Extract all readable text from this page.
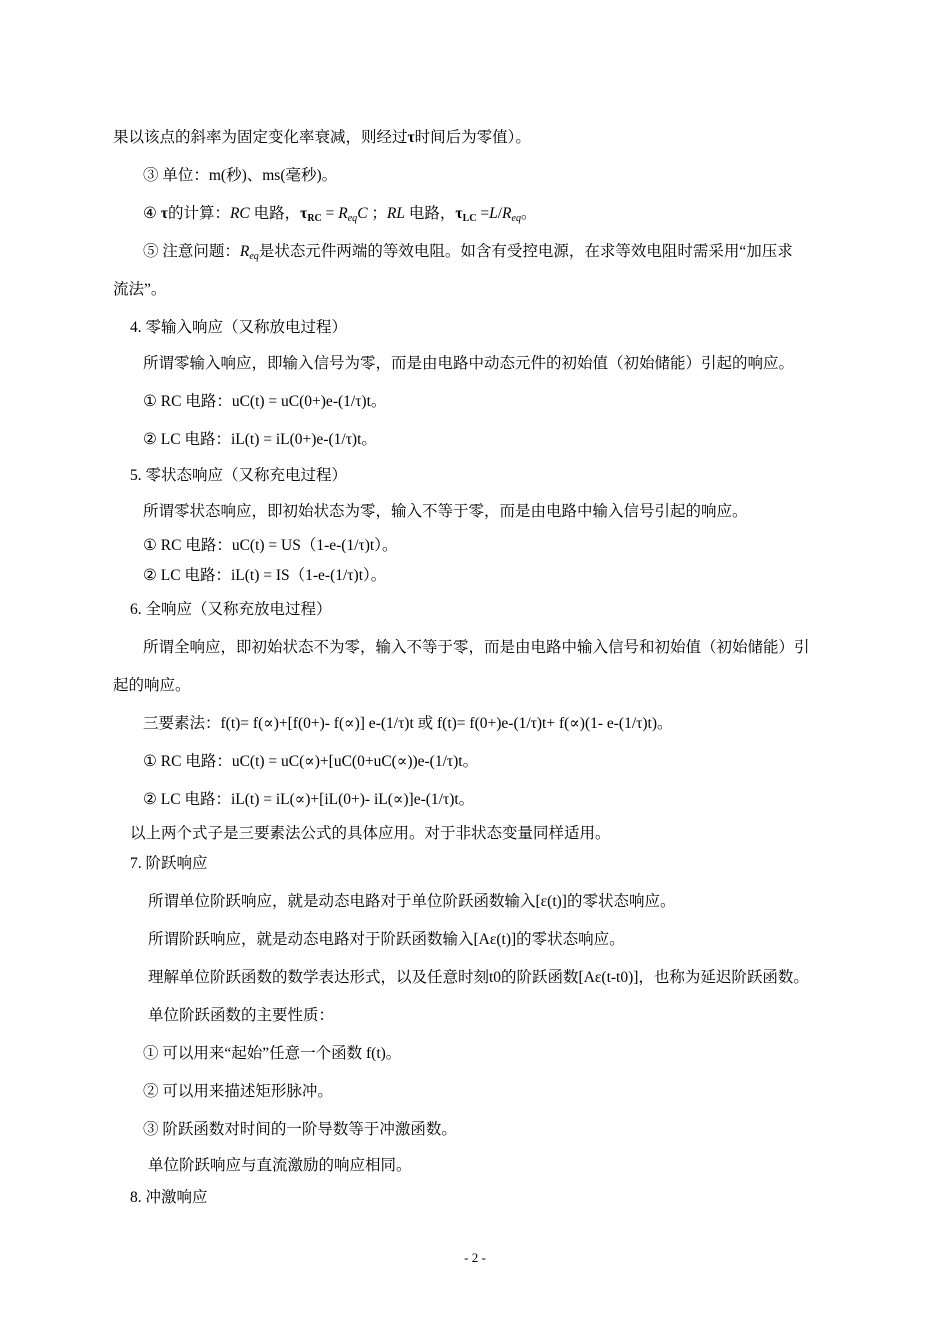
果以该点的斜率为固定变化率衰减，则经过τ时间后为零值）。
③ 单位：m(秒)、ms(毫秒)。
④ τ的计算：RC 电路，$\tau_{RC} = R_{eq}C$ ；RL 电路，$\tau_{LC} =L/R_{eq}$。
⑤ 注意问题：$R_{eq}$是状态元件两端的等效电阻。如含有受控电源，在求等效电阻时需采用“加压求
流法”。
4. 零输入响应（又称放电过程）
所谓零输入响应，即输入信号为零，而是由电路中动态元件的初始值（初始储能）引起的响应。
① RC 电路：uC(t) = uC(0+)e-(1/τ)t。
② LC 电路：iL(t) = iL(0+)e-(1/τ)t。
5. 零状态响应（又称充电过程）
所谓零状态响应，即初始状态为零，输入不等于零，而是由电路中输入信号引起的响应。
① RC 电路：uC(t) = US（1-e-(1/τ)t）。
② LC 电路：iL(t) = IS（1-e-(1/τ)t）。
6. 全响应（又称充放电过程）
所谓全响应，即初始状态不为零，输入不等于零，而是由电路中输入信号和初始值（初始储能）引
起的响应。
三要素法：f(t)= f(∝)+[f(0+)- f(∝)] e-(1/τ)t 或 f(t)= f(0+)e-(1/τ)t+ f(∝)(1- e-(1/τ)t)。
① RC 电路：uC(t) = uC(∝)+[uC(0+uC(∝))e-(1/τ)t。
② LC 电路：iL(t) = iL(∝)+[iL(0+)- iL(∝)]e-(1/τ)t。
以上两个式子是三要素法公式的具体应用。对于非状态变量同样适用。
7. 阶跃响应
所谓单位阶跃响应，就是动态电路对于单位阶跃函数输入[ε(t)]的零状态响应。
所谓阶跃响应，就是动态电路对于阶跃函数输入[Aε(t)]的零状态响应。
理解单位阶跃函数的数学表达形式，以及任意时刻t0的阶跃函数[Aε(t-t0)]，也称为延迟阶跃函数。
单位阶跃函数的主要性质：
① 可以用来“起始”任意一个函数 f(t)。
② 可以用来描述矩形脉冲。
③ 阶跃函数对时间的一阶导数等于冲激函数。
单位阶跃响应与直流激励的响应相同。
8. 冲激响应
- 2 -
